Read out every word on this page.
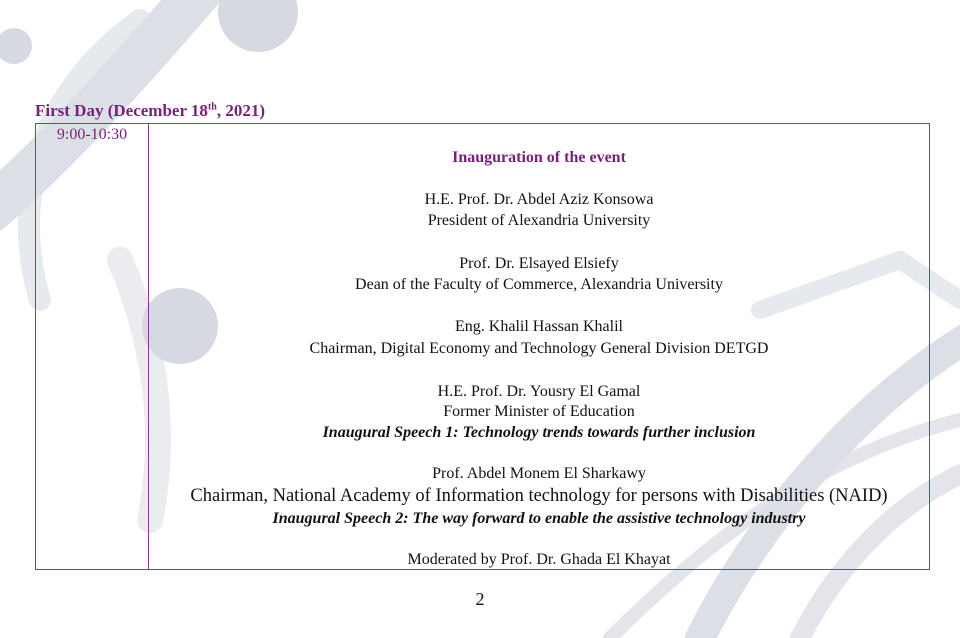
First Day (December 18th, 2021)
9:00-10:30
Inauguration of the event
H.E. Prof. Dr. Abdel Aziz Konsowa
President of Alexandria University
Prof. Dr. Elsayed Elsiefy
Dean of the Faculty of Commerce, Alexandria University
Eng. Khalil Hassan Khalil
Chairman, Digital Economy and Technology General Division DETGD
H.E. Prof. Dr. Yousry El Gamal
Former Minister of Education
Inaugural Speech 1: Technology trends towards further inclusion
Prof. Abdel Monem El Sharkawy
Chairman, National Academy of Information technology for persons with Disabilities (NAID)
Inaugural Speech 2: The way forward to enable the assistive technology industry
Moderated by Prof. Dr. Ghada El Khayat
2
